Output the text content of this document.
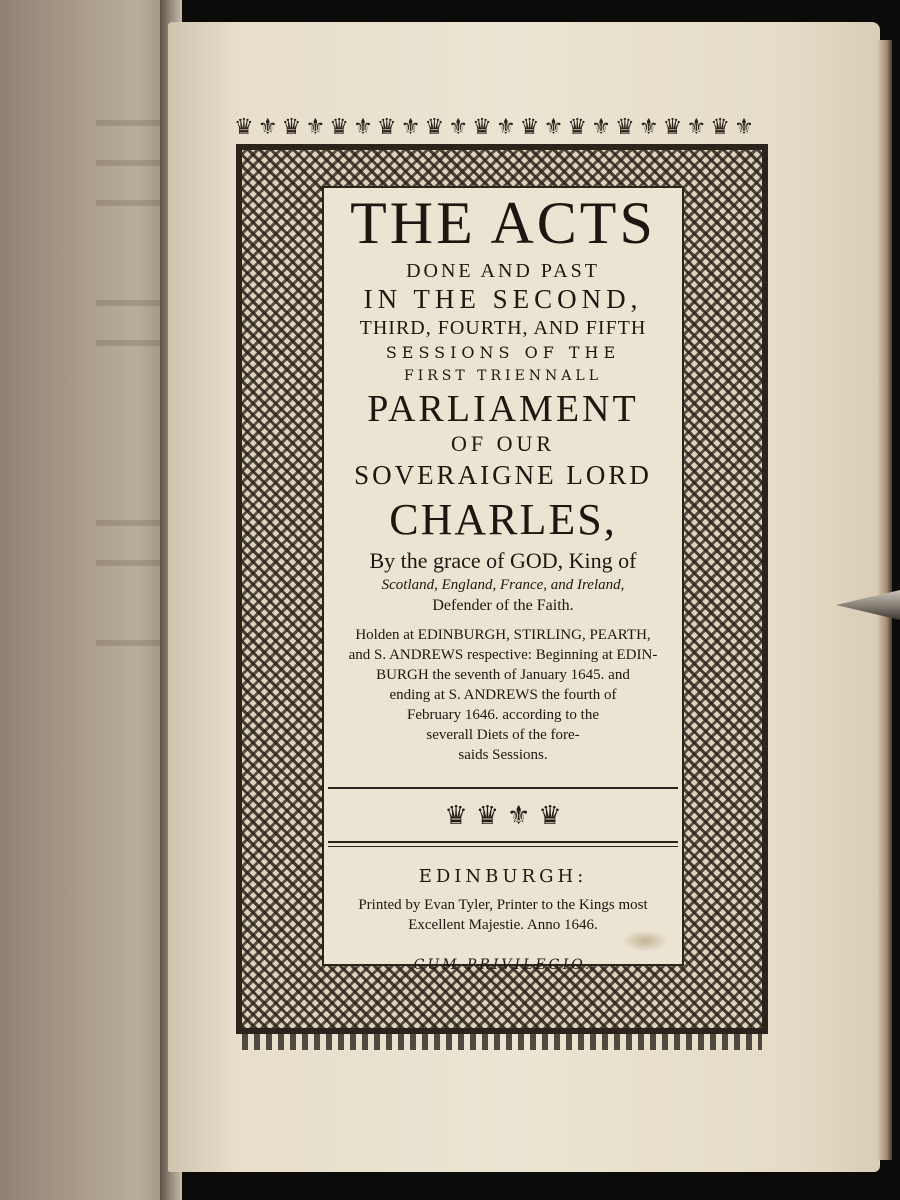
♛ ⚜ ♛ ⚜ ♛ ⚜ ♛ ⚜ ♛ ⚜ ♛ ⚜ ♛ ⚜ ♛ ⚜ ♛ ⚜ ♛ ⚜ ♛ ⚜
THE ACTS
DONE AND PAST
IN THE SECOND,
THIRD, FOURTH, AND FIFTH
SESSIONS OF THE
FIRST TRIENNALL
PARLIAMENT
OF OUR
SOVERAIGNE LORD
CHARLES,
By the grace of GOD, King of
Scotland, England, France, and Ireland,
Defender of the Faith.
Holden at EDINBURGH, STIRLING, PEARTH,
and S. ANDREWS respective: Beginning at EDIN-
BURGH the seventh of January 1645. and
ending at S. ANDREWS the fourth of
February 1646. according to the
severall Diets of the fore-
saids Sessions.
♛ ♛ ⚜ ♛
EDINBURGH:
Printed by Evan Tyler, Printer to the Kings most
Excellent Majestie. Anno 1646.
CUM PRIVILEGIO.
